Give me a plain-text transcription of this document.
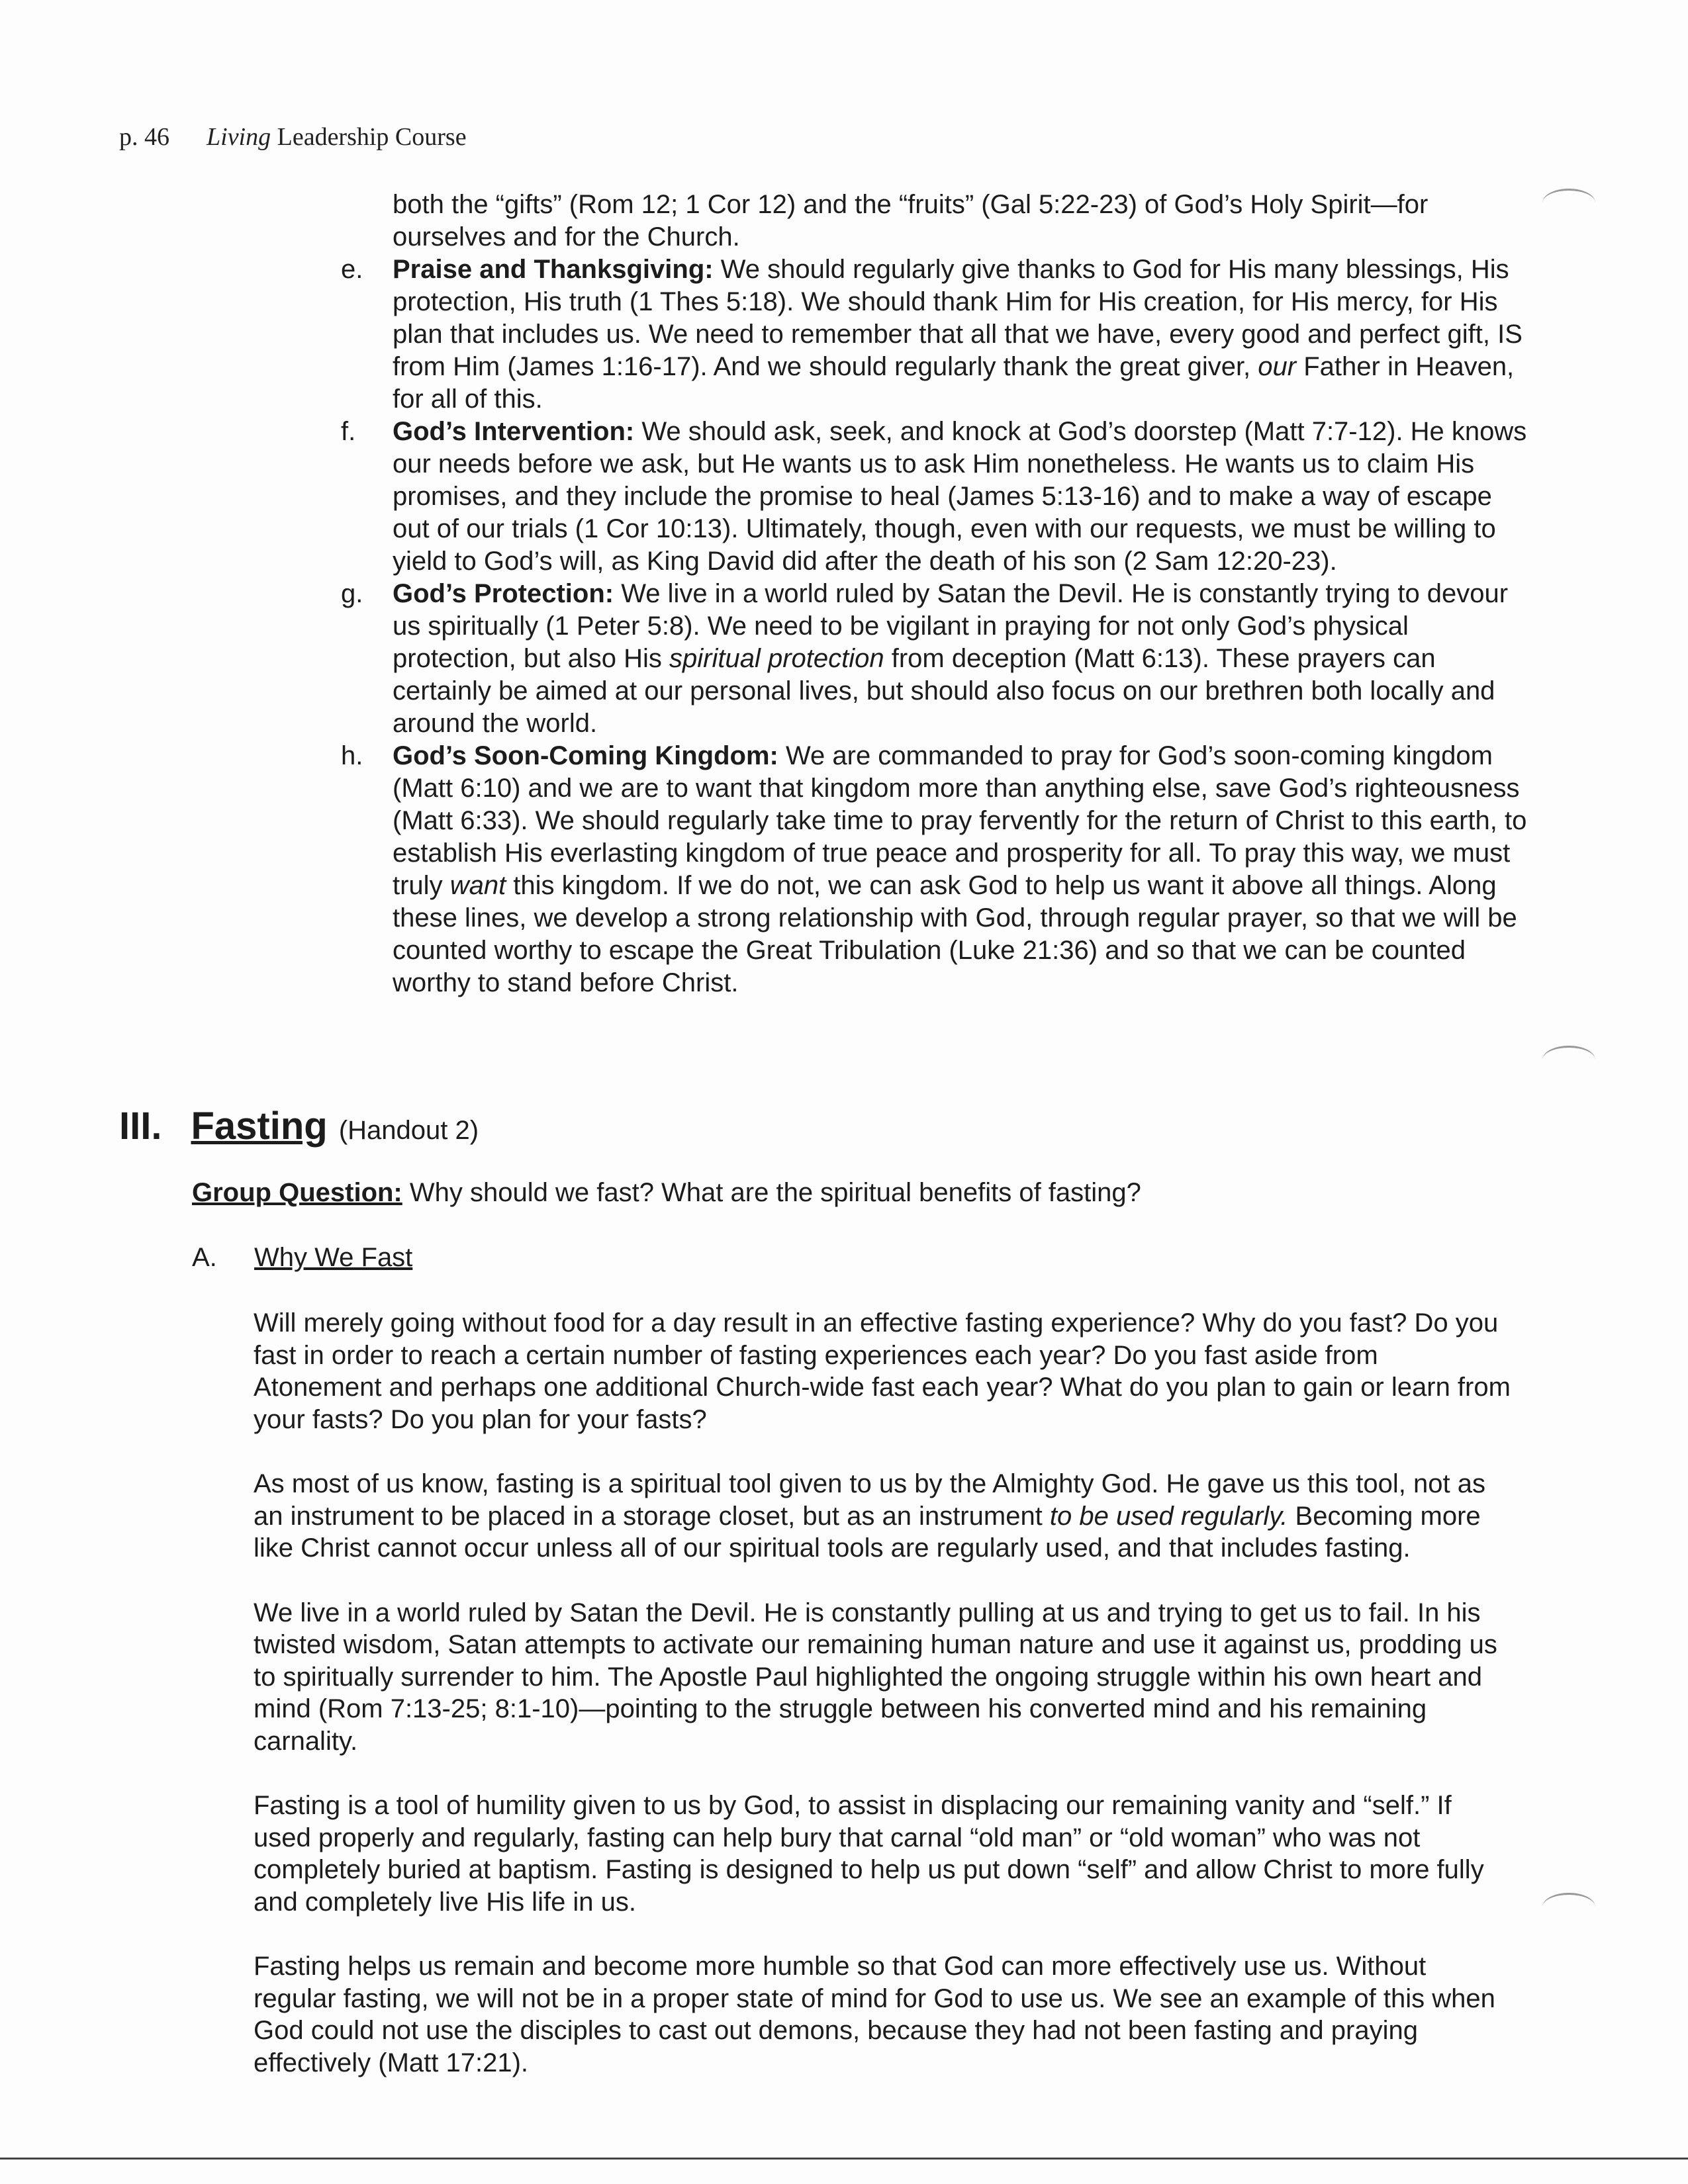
p. 46 Living Leadership Course
both the “gifts” (Rom 12; 1 Cor 12) and the “fruits” (Gal 5:22-23) of God’s Holy Spirit—for ourselves and for the Church.
e. Praise and Thanksgiving: We should regularly give thanks to God for His many blessings, His protection, His truth (1 Thes 5:18). We should thank Him for His creation, for His mercy, for His plan that includes us. We need to remember that all that we have, every good and perfect gift, IS from Him (James 1:16-17). And we should regularly thank the great giver, our Father in Heaven, for all of this.
f. God’s Intervention: We should ask, seek, and knock at God’s doorstep (Matt 7:7-12). He knows our needs before we ask, but He wants us to ask Him nonetheless. He wants us to claim His promises, and they include the promise to heal (James 5:13-16) and to make a way of escape out of our trials (1 Cor 10:13). Ultimately, though, even with our requests, we must be willing to yield to God’s will, as King David did after the death of his son (2 Sam 12:20-23).
g. God’s Protection: We live in a world ruled by Satan the Devil. He is constantly trying to devour us spiritually (1 Peter 5:8). We need to be vigilant in praying for not only God’s physical protection, but also His spiritual protection from deception (Matt 6:13). These prayers can certainly be aimed at our personal lives, but should also focus on our brethren both locally and around the world.
h. God’s Soon-Coming Kingdom: We are commanded to pray for God’s soon-coming kingdom (Matt 6:10) and we are to want that kingdom more than anything else, save God’s righteousness (Matt 6:33). We should regularly take time to pray fervently for the return of Christ to this earth, to establish His everlasting kingdom of true peace and prosperity for all. To pray this way, we must truly want this kingdom. If we do not, we can ask God to help us want it above all things. Along these lines, we develop a strong relationship with God, through regular prayer, so that we will be counted worthy to escape the Great Tribulation (Luke 21:36) and so that we can be counted worthy to stand before Christ.
III. Fasting (Handout 2)
Group Question: Why should we fast? What are the spiritual benefits of fasting?
A. Why We Fast

Will merely going without food for a day result in an effective fasting experience? Why do you fast? Do you fast in order to reach a certain number of fasting experiences each year? Do you fast aside from Atonement and perhaps one additional Church-wide fast each year? What do you plan to gain or learn from your fasts? Do you plan for your fasts?

As most of us know, fasting is a spiritual tool given to us by the Almighty God. He gave us this tool, not as an instrument to be placed in a storage closet, but as an instrument to be used regularly. Becoming more like Christ cannot occur unless all of our spiritual tools are regularly used, and that includes fasting.

We live in a world ruled by Satan the Devil. He is constantly pulling at us and trying to get us to fail. In his twisted wisdom, Satan attempts to activate our remaining human nature and use it against us, prodding us to spiritually surrender to him. The Apostle Paul highlighted the ongoing struggle within his own heart and mind (Rom 7:13-25; 8:1-10)—pointing to the struggle between his converted mind and his remaining carnality.

Fasting is a tool of humility given to us by God, to assist in displacing our remaining vanity and “self.” If used properly and regularly, fasting can help bury that carnal “old man” or “old woman” who was not completely buried at baptism. Fasting is designed to help us put down “self” and allow Christ to more fully and completely live His life in us.

Fasting helps us remain and become more humble so that God can more effectively use us. Without regular fasting, we will not be in a proper state of mind for God to use us. We see an example of this when God could not use the disciples to cast out demons, because they had not been fasting and praying effectively (Matt 17:21).
